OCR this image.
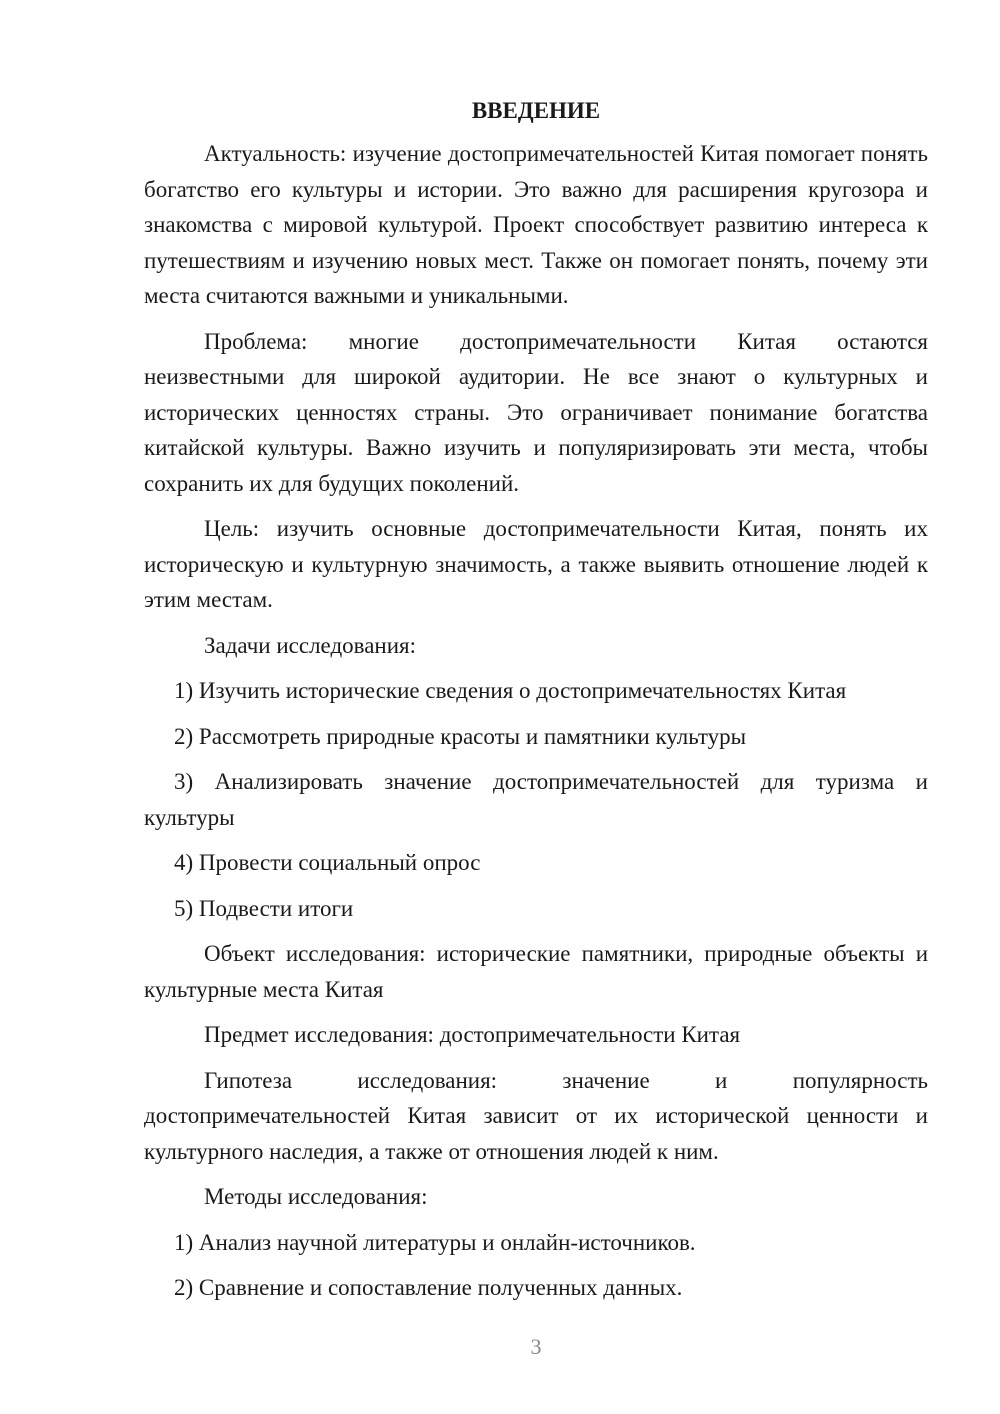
ВВЕДЕНИЕ

Актуальность: изучение достопримечательностей Китая помогает понять богатство его культуры и истории. Это важно для расширения кругозора и знакомства с мировой культурой. Проект способствует развитию интереса к путешествиям и изучению новых мест. Также он помогает понять, почему эти места считаются важными и уникальными.

Проблема: многие достопримечательности Китая остаются неизвестными для широкой аудитории. Не все знают о культурных и исторических ценностях страны. Это ограничивает понимание богатства китайской культуры. Важно изучить и популяризировать эти места, чтобы сохранить их для будущих поколений.

Цель: изучить основные достопримечательности Китая, понять их историческую и культурную значимость, а также выявить отношение людей к этим местам.

Задачи исследования:

1) Изучить исторические сведения о достопримечательностях Китая

2) Рассмотреть природные красоты и памятники культуры

3) Анализировать значение достопримечательностей для туризма и культуры

4) Провести социальный опрос

5) Подвести итоги

Объект исследования: исторические памятники, природные объекты и культурные места Китая

Предмет исследования: достопримечательности Китая

Гипотеза исследования: значение и популярность достопримечательностей Китая зависит от их исторической ценности и культурного наследия, а также от отношения людей к ним.

Методы исследования:

1) Анализ научной литературы и онлайн-источников.

2) Сравнение и сопоставление полученных данных.

3
